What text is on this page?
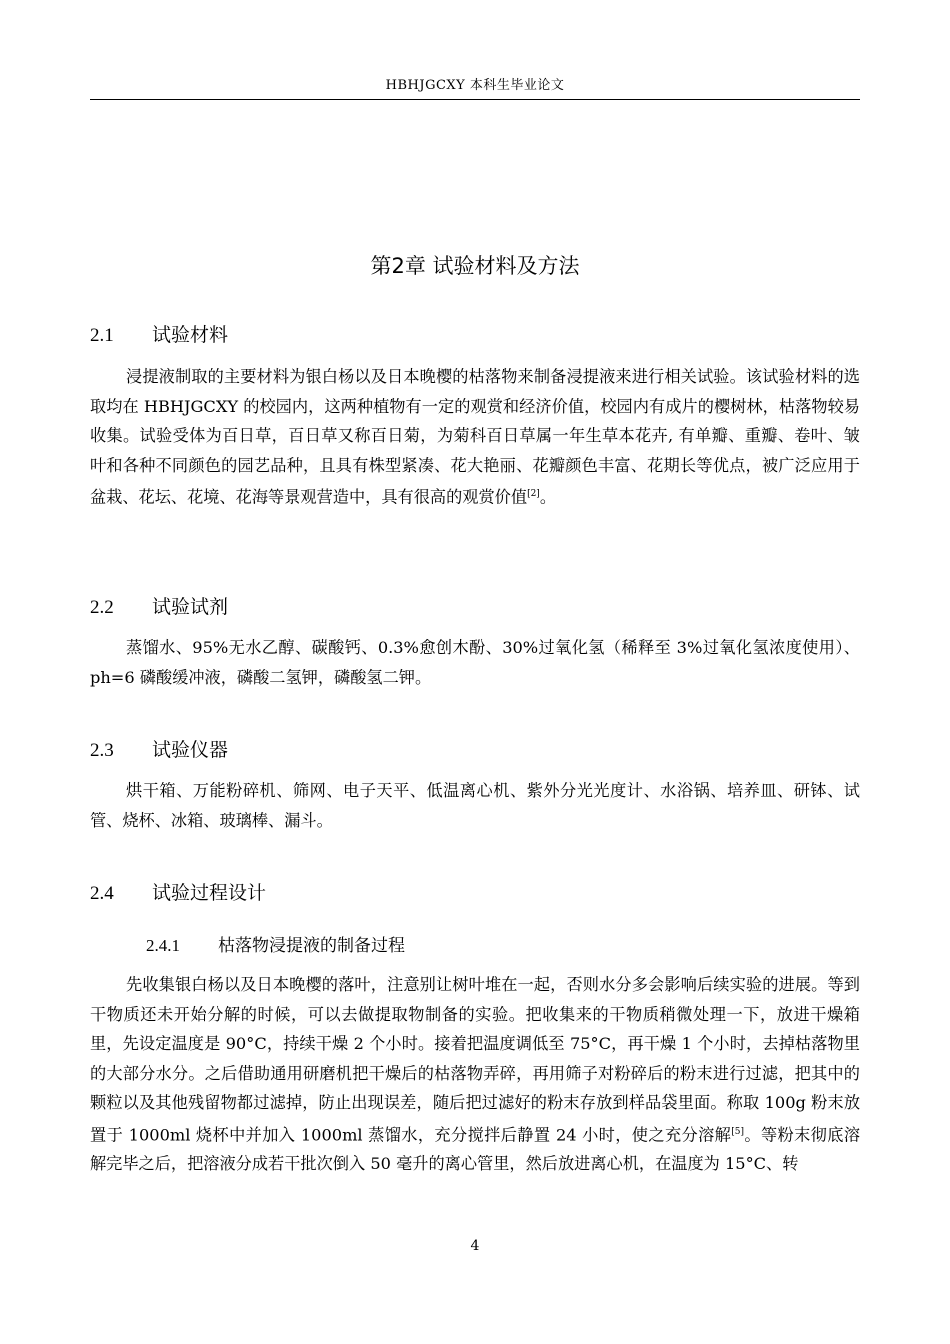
HBHJGCXY 本科生毕业论文
第2章 试验材料及方法
2.1 试验材料
浸提液制取的主要材料为银白杨以及日本晚樱的枯落物来制备浸提液来进行相关试验。该试验材料的选取均在 HBHJGCXY 的校园内，这两种植物有一定的观赏和经济价值，校园内有成片的樱树林，枯落物较易收集。试验受体为百日草，百日草又称百日菊，为菊科百日草属一年生草本花卉, 有单瓣、重瓣、卷叶、皱叶和各种不同颜色的园艺品种，且具有株型紧凑、花大艳丽、花瓣颜色丰富、花期长等优点，被广泛应用于盆栽、花坛、花境、花海等景观营造中，具有很高的观赏价值[2]。
2.2 试验试剂
蒸馏水、95%无水乙醇、碳酸钙、0.3%愈创木酚、30%过氧化氢（稀释至 3%过氧化氢浓度使用）、ph=6 磷酸缓冲液，磷酸二氢钾，磷酸氢二钾。
2.3 试验仪器
烘干箱、万能粉碎机、筛网、电子天平、低温离心机、紫外分光光度计、水浴锅、培养皿、研钵、试管、烧杯、冰箱、玻璃棒、漏斗。
2.4 试验过程设计
2.4.1 枯落物浸提液的制备过程
先收集银白杨以及日本晚樱的落叶，注意别让树叶堆在一起，否则水分多会影响后续实验的进展。等到干物质还未开始分解的时候，可以去做提取物制备的实验。把收集来的干物质稍微处理一下，放进干燥箱里，先设定温度是 90°C，持续干燥 2 个小时。接着把温度调低至 75°C，再干燥 1 个小时，去掉枯落物里的大部分水分。之后借助通用研磨机把干燥后的枯落物弄碎，再用筛子对粉碎后的粉末进行过滤，把其中的颗粒以及其他残留物都过滤掉，防止出现误差，随后把过滤好的粉末存放到样品袋里面。称取 100g 粉末放置于 1000ml 烧杯中并加入 1000ml 蒸馏水，充分搅拌后静置 24 小时，使之充分溶解[5]。等粉末彻底溶解完毕之后，把溶液分成若干批次倒入 50 毫升的离心管里，然后放进离心机，在温度为 15°C、转
4
